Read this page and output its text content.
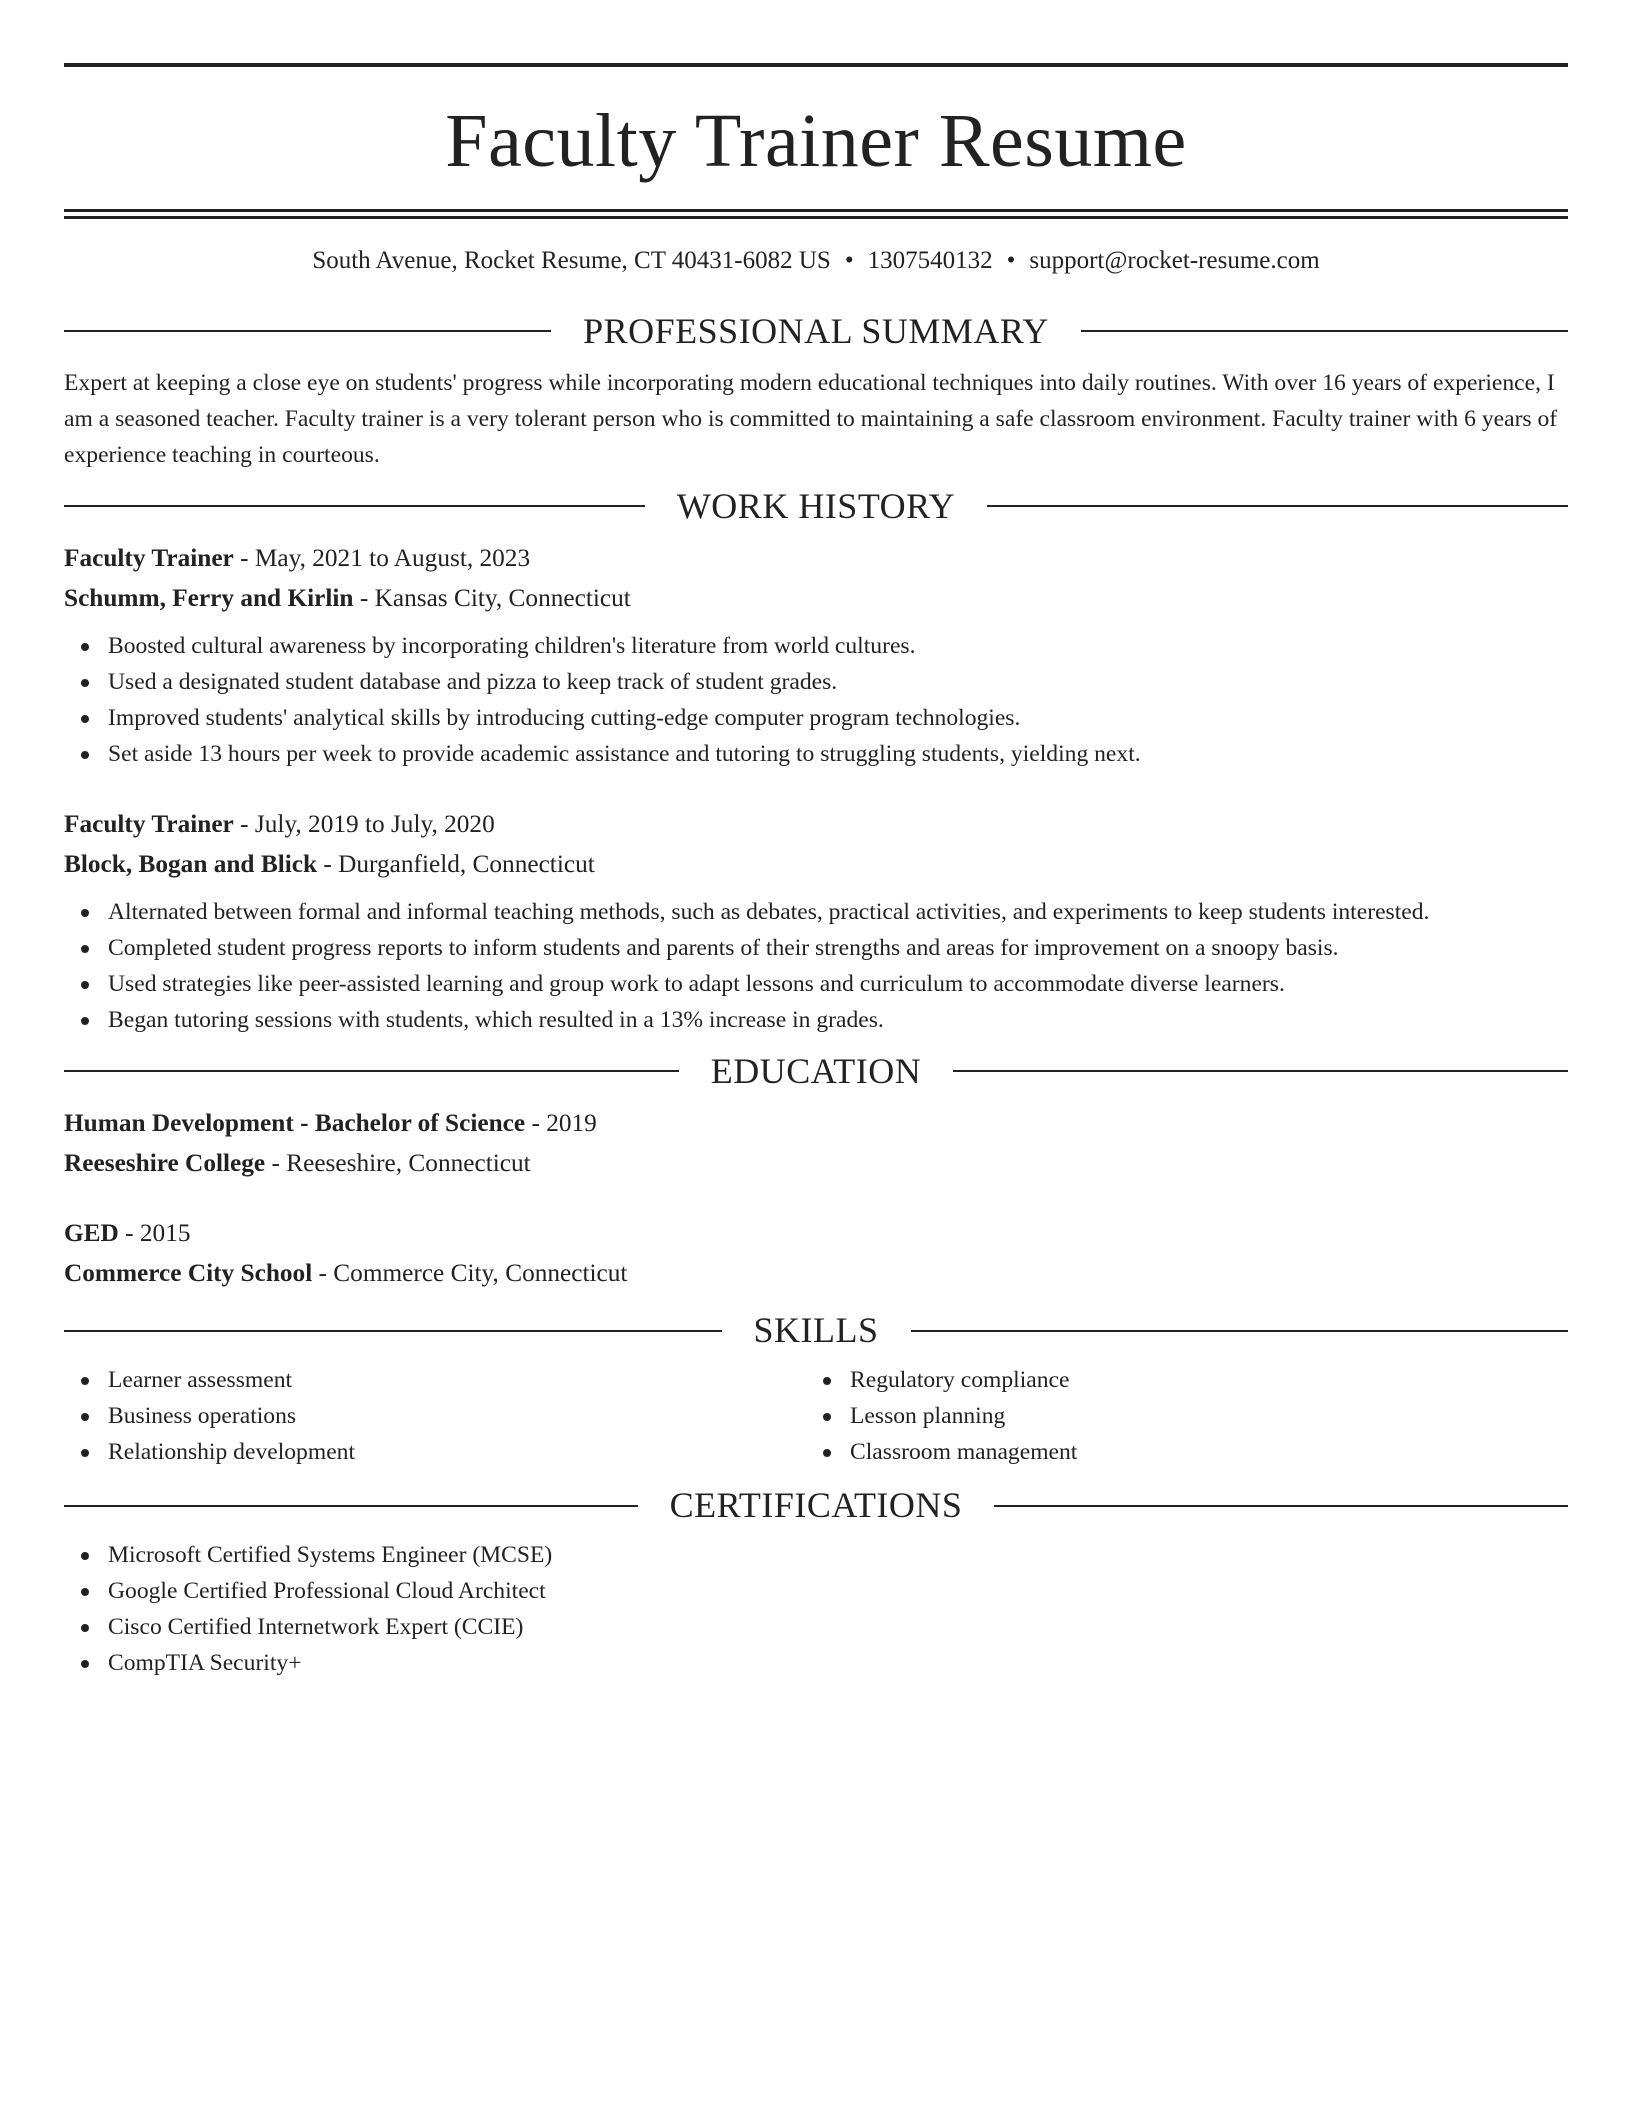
Faculty Trainer Resume
South Avenue, Rocket Resume, CT 40431-6082 US • 1307540132 • support@rocket-resume.com
PROFESSIONAL SUMMARY

Expert at keeping a close eye on students' progress while incorporating modern educational techniques into daily routines. With over 16 years of experience, I am a seasoned teacher. Faculty trainer is a very tolerant person who is committed to maintaining a safe classroom environment. Faculty trainer with 6 years of experience teaching in courteous.

WORK HISTORY
Faculty Trainer - May, 2021 to August, 2023
Schumm, Ferry and Kirlin - Kansas City, Connecticut
Boosted cultural awareness by incorporating children's literature from world cultures.
Used a designated student database and pizza to keep track of student grades.
Improved students' analytical skills by introducing cutting-edge computer program technologies.
Set aside 13 hours per week to provide academic assistance and tutoring to struggling students, yielding next.
Faculty Trainer - July, 2019 to July, 2020
Block, Bogan and Blick - Durganfield, Connecticut
Alternated between formal and informal teaching methods, such as debates, practical activities, and experiments to keep students interested.
Completed student progress reports to inform students and parents of their strengths and areas for improvement on a snoopy basis.
Used strategies like peer-assisted learning and group work to adapt lessons and curriculum to accommodate diverse learners.
Began tutoring sessions with students, which resulted in a 13% increase in grades.
EDUCATION
Human Development - Bachelor of Science - 2019
Reeseshire College - Reeseshire, Connecticut
GED - 2015
Commerce City School - Commerce City, Connecticut
SKILLS
Learner assessment
Business operations
Relationship development
Regulatory compliance
Lesson planning
Classroom management
CERTIFICATIONS
Microsoft Certified Systems Engineer (MCSE)
Google Certified Professional Cloud Architect
Cisco Certified Internetwork Expert (CCIE)
CompTIA Security+
